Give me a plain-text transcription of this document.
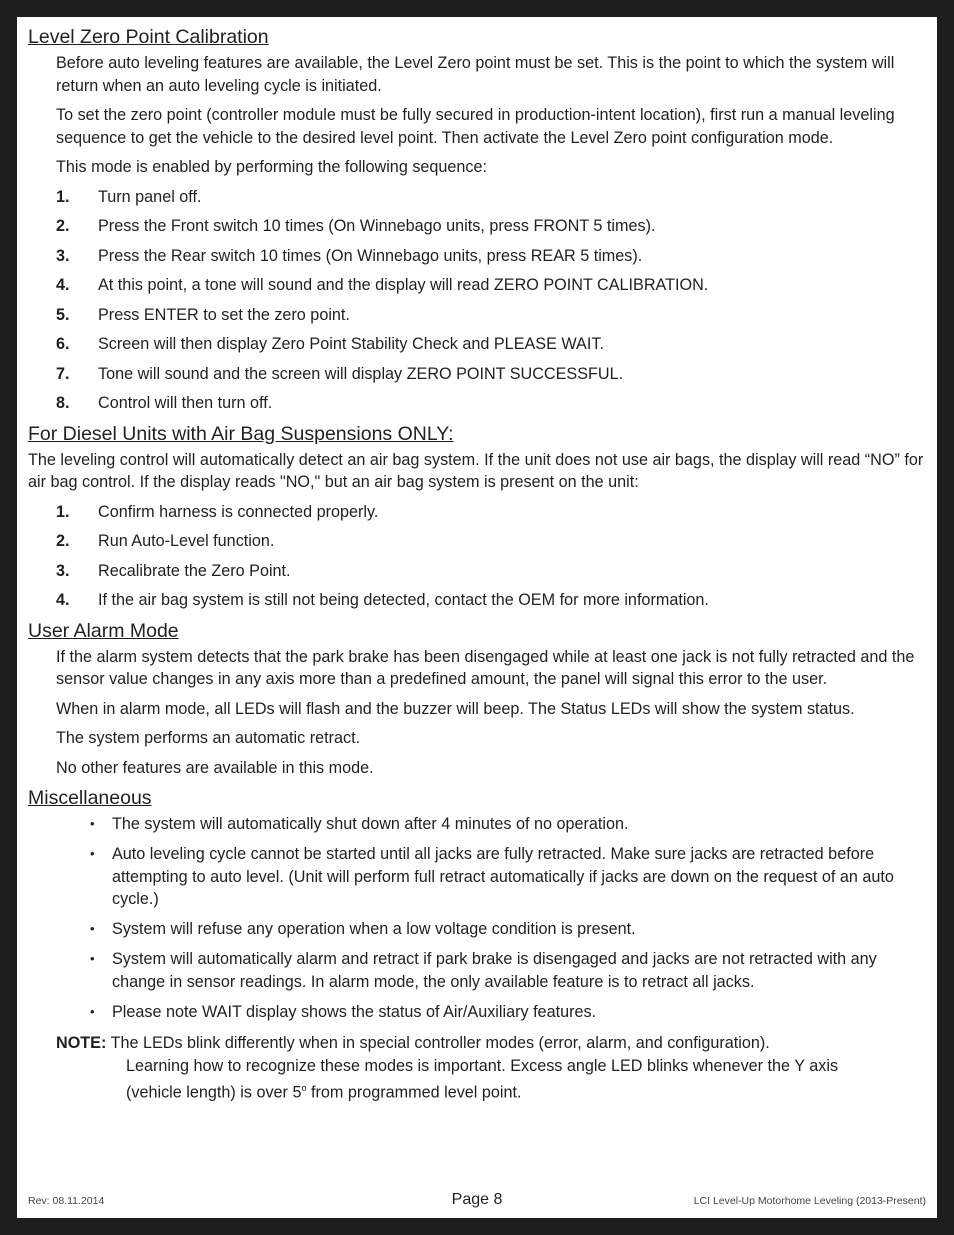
Level Zero Point Calibration

Before auto leveling features are available, the Level Zero point must be set. This is the point to which the system will return when an auto leveling cycle is initiated.

To set the zero point (controller module must be fully secured in production-intent location), first run a manual leveling sequence to get the vehicle to the desired level point. Then activate the Level Zero point configuration mode.

This mode is enabled by performing the following sequence:

1.	Turn panel off.
2.	Press the Front switch 10 times (On Winnebago units, press FRONT 5 times).
3.	Press the Rear switch 10 times (On Winnebago units, press REAR 5 times).
4.	At this point, a tone will sound and the display will read ZERO POINT CALIBRATION.
5.	Press ENTER to set the zero point.
6.	Screen will then display Zero Point Stability Check and PLEASE WAIT.
7.	Tone will sound and the screen will display ZERO POINT SUCCESSFUL.
8.	Control will then turn off.
For Diesel Units with Air Bag Suspensions ONLY:

The leveling control will automatically detect an air bag system. If the unit does not use air bags, the display will read “NO” for air bag control. If the display reads "NO," but an air bag system is present on the unit:

1.	Confirm harness is connected properly.
2.	Run Auto-Level function.
3.	Recalibrate the Zero Point.
4.	If the air bag system is still not being detected, contact the OEM for more information.
User Alarm Mode

If the alarm system detects that the park brake has been disengaged while at least one jack is not fully retracted and the sensor value changes in any axis more than a predefined amount, the panel will signal this error to the user.

When in alarm mode, all LEDs will flash and the buzzer will beep. The Status LEDs will show the system status.

The system performs an automatic retract.

No other features are available in this mode.

Miscellaneous
•	The system will automatically shut down after 4 minutes of no operation.
•	Auto leveling cycle cannot be started until all jacks are fully retracted. Make sure jacks are retracted before attempting to auto level. (Unit will perform full retract automatically if jacks are down on the request of an auto cycle.)
•	System will refuse any operation when a low voltage condition is present.
•	System will automatically alarm and retract if park brake is disengaged and jacks are not retracted with any change in sensor readings. In alarm mode, the only available feature is to retract all jacks.
•	Please note WAIT display shows the status of Air/Auxiliary features.
NOTE: The LEDs blink differently when in special controller modes (error, alarm, and configuration).
Learning how to recognize these modes is important. Excess angle LED blinks whenever the Y axis
(vehicle length) is over 5$^o$ from programmed level point.
Rev: 08.11.2014	Page 8	LCI Level-Up Motorhome Leveling (2013-Present)
